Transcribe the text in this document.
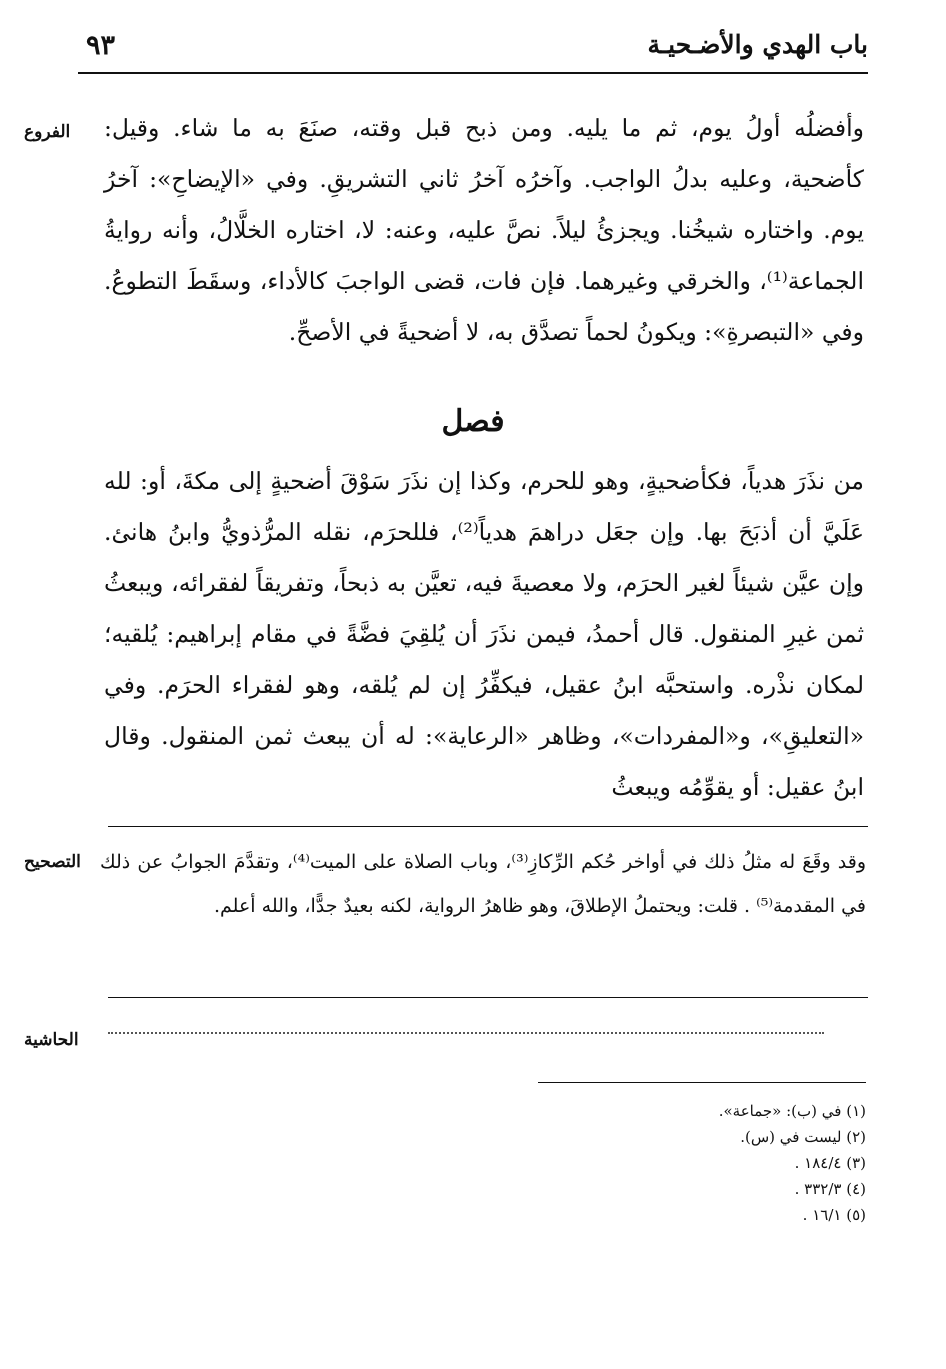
باب الهدي والأضـحيـة
٩٣
الفروع
التصحيح
الحاشية

وأفضلُه أولُ يوم، ثم ما يليه. ومن ذبح قبل وقته، صنَعَ به ما شاء. وقيل: كأضحية، وعليه بدلُ الواجب. وآخرُه آخرُ ثاني التشريقِ. وفي «الإيضاحِ»: آخرُ يوم. واختاره شيخُنا. ويجزئُ ليلاً. نصَّ عليه، وعنه: لا، اختاره الخلَّالُ، وأنه روايةُ الجماعة⁽¹⁾، والخرقي وغيرهما. فإن فات، قضى الواجبَ كالأداء، وسقَطَ التطوعُ. وفي «التبصرةِ»: ويكونُ لحماً تصدَّق به، لا أضحيةً في الأصحِّ.

فصل

من نذَرَ هدياً، فكأضحيةٍ، وهو للحرم، وكذا إن نذَرَ سَوْقَ أضحيةٍ إلى مكةَ، أو: لله عَلَيَّ أن أذبَحَ بها. وإن جعَل دراهمَ هدياً⁽²⁾، فللحرَم، نقله المرُّذويُّ وابنُ هانئ. وإن عيَّن شيئاً لغير الحرَم، ولا معصيةَ فيه، تعيَّن به ذبحاً، وتفريقاً لفقرائه، ويبعثُ ثمن غيرِ المنقول. قال أحمدُ، فيمن نذَرَ أن يُلقِيَ فضَّةً في مقام إبراهيم: يُلقيه؛ لمكان نذْره. واستحبَّه ابنُ عقيل، فيكفِّرُ إن لم يُلقه، وهو لفقراء الحرَم. وفي «التعليقِ»، و«المفردات»، وظاهر «الرعاية»: له أن يبعث ثمن المنقول. وقال ابنُ عقيل: أو يقوِّمُه ويبعثُ

وقد وقَعَ له مثلُ ذلك في أواخر حُكم الرِّكازِ⁽³⁾، وباب الصلاة على الميت⁽⁴⁾، وتقدَّمَ الجوابُ عن ذلك في المقدمة⁽⁵⁾ . قلت: ويحتملُ الإطلاقَ، وهو ظاهرُ الرواية، لكنه بعيدٌ جدًّا، والله أعلم.
(١) في (ب): «جماعة».
(٢) ليست في (س).
(٣) ١٨٤/٤ .
(٤) ٣٣٢/٣ .
(٥) ١٦/١ .
